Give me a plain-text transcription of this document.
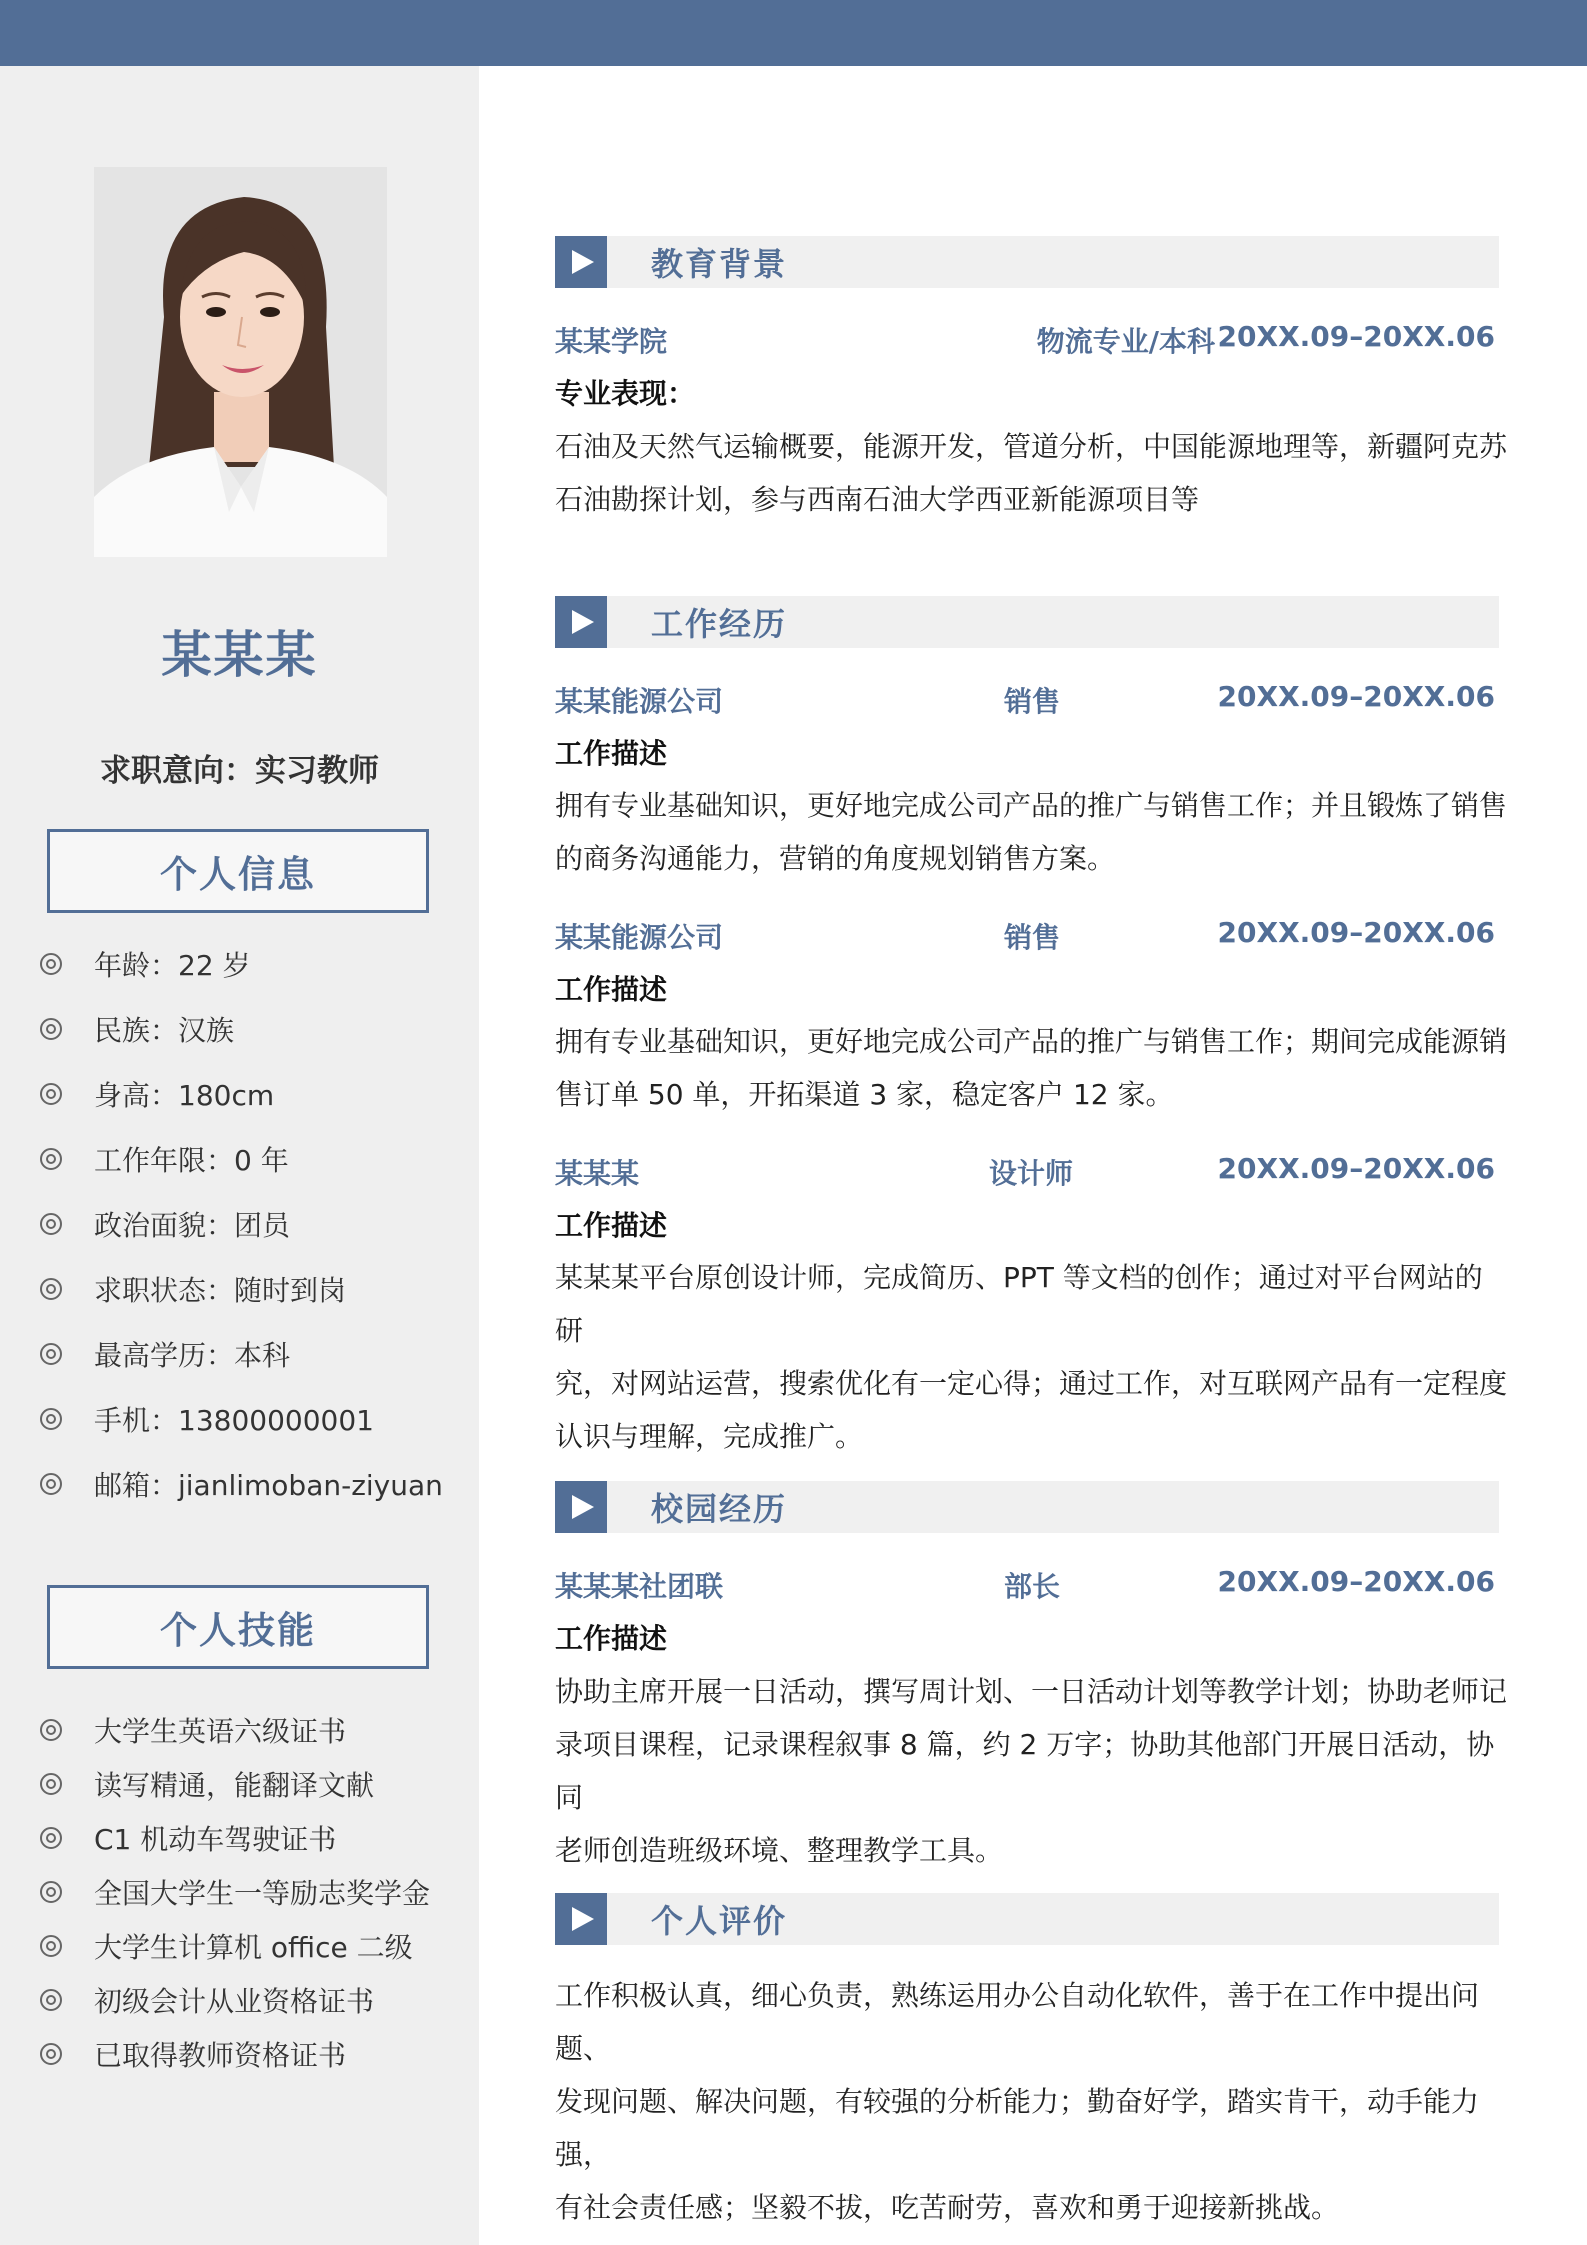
某某某
求职意向：实习教师
个人信息
年龄：22 岁
民族：汉族
身高：180cm
工作年限：0 年
政治面貌：团员
求职状态：随时到岗
最高学历：本科
手机：13800000001
邮箱：jianlimoban-ziyuan
个人技能
大学生英语六级证书
读写精通，能翻译文献
C1 机动车驾驶证书
全国大学生一等励志奖学金
大学生计算机 office 二级
初级会计从业资格证书
已取得教师资格证书
教育背景
某某学院	物流专业/本科 20XX.09–20XX.06
专业表现：
石油及天然气运输概要，能源开发，管道分析，中国能源地理等，新疆阿克苏
石油勘探计划，参与西南石油大学西亚新能源项目等
工作经历
某某能源公司	销售	20XX.09–20XX.06
工作描述
拥有专业基础知识，更好地完成公司产品的推广与销售工作；并且锻炼了销售
的商务沟通能力，营销的角度规划销售方案。
某某能源公司	销售	20XX.09–20XX.06
工作描述
拥有专业基础知识，更好地完成公司产品的推广与销售工作；期间完成能源销
售订单 50 单，开拓渠道 3 家，稳定客户 12 家。
某某某	设计师	20XX.09–20XX.06
工作描述
某某某平台原创设计师，完成简历、PPT 等文档的创作；通过对平台网站的研
究，对网站运营，搜索优化有一定心得；通过工作，对互联网产品有一定程度
认识与理解，完成推广。
校园经历
某某某社团联	部长	20XX.09–20XX.06
工作描述
协助主席开展一日活动，撰写周计划、一日活动计划等教学计划；协助老师记
录项目课程，记录课程叙事 8 篇，约 2 万字；协助其他部门开展日活动，协同
老师创造班级环境、整理教学工具。
个人评价
工作积极认真，细心负责，熟练运用办公自动化软件，善于在工作中提出问题、
发现问题、解决问题，有较强的分析能力；勤奋好学，踏实肯干，动手能力强，
有社会责任感；坚毅不拔，吃苦耐劳，喜欢和勇于迎接新挑战。
